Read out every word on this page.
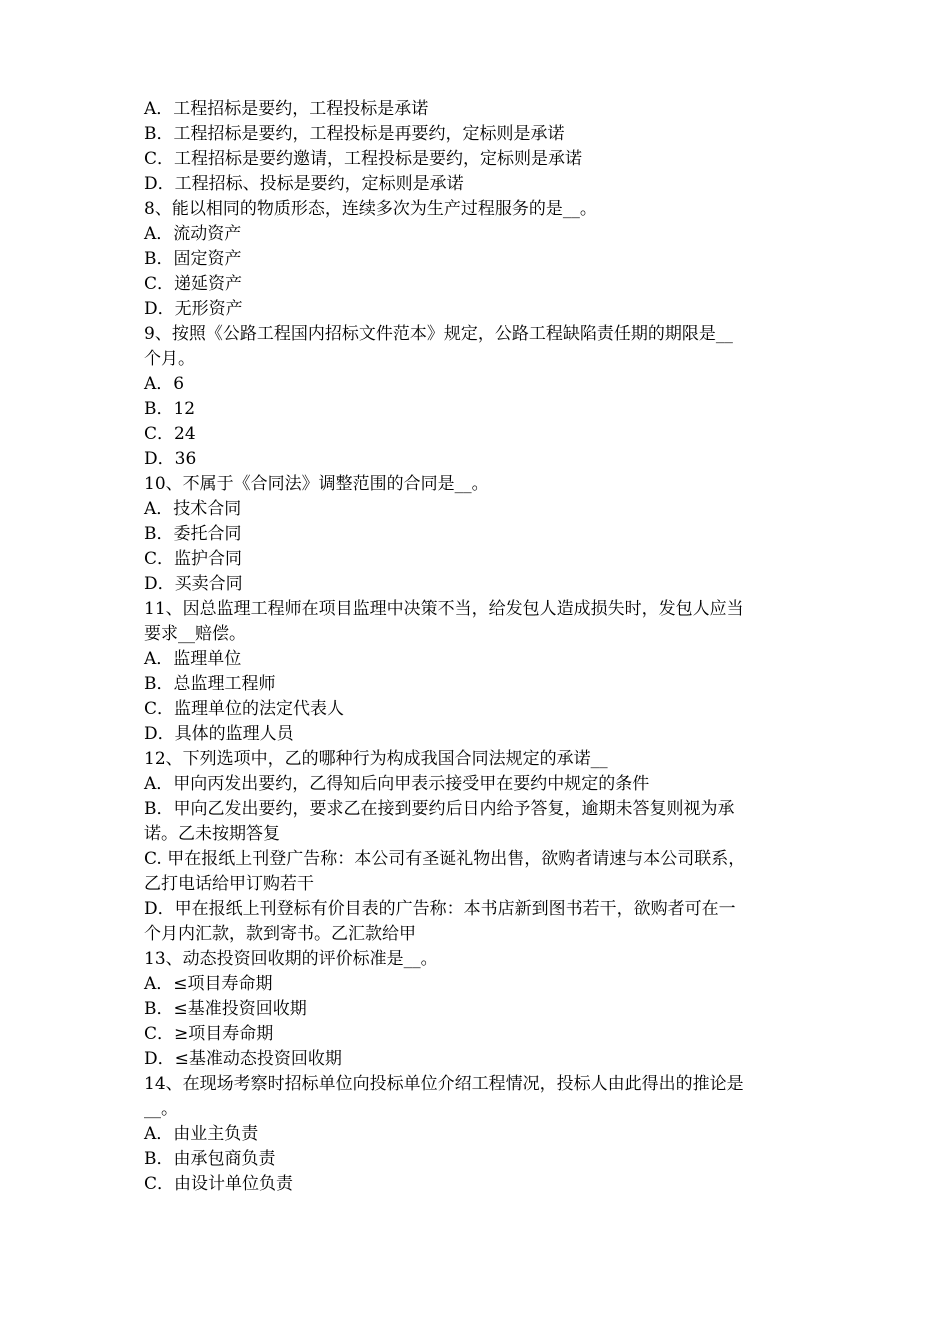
A．工程招标是要约，工程投标是承诺
B．工程招标是要约，工程投标是再要约，定标则是承诺
C．工程招标是要约邀请，工程投标是要约，定标则是承诺
D．工程招标、投标是要约，定标则是承诺
8、能以相同的物质形态，连续多次为生产过程服务的是__。
A．流动资产
B．固定资产
C．递延资产
D．无形资产
9、按照《公路工程国内招标文件范本》规定，公路工程缺陷责任期的期限是__
个月。
A．6
B．12
C．24
D．36
10、不属于《合同法》调整范围的合同是__。
A．技术合同
B．委托合同
C．监护合同
D．买卖合同
11、因总监理工程师在项目监理中决策不当，给发包人造成损失时，发包人应当
要求__赔偿。
A．监理单位
B．总监理工程师
C．监理单位的法定代表人
D．具体的监理人员
12、下列选项中，乙的哪种行为构成我国合同法规定的承诺__
A．甲向丙发出要约，乙得知后向甲表示接受甲在要约中规定的条件
B．甲向乙发出要约，要求乙在接到要约后日内给予答复，逾期未答复则视为承
诺。乙未按期答复
C. 甲在报纸上刊登广告称：本公司有圣诞礼物出售，欲购者请速与本公司联系，
乙打电话给甲订购若干
D．甲在报纸上刊登标有价目表的广告称：本书店新到图书若干，欲购者可在一
个月内汇款，款到寄书。乙汇款给甲
13、动态投资回收期的评价标准是__。
A．≤项目寿命期
B．≤基准投资回收期
C．≥项目寿命期
D．≤基准动态投资回收期
14、在现场考察时招标单位向投标单位介绍工程情况，投标人由此得出的推论是
__。
A．由业主负责
B．由承包商负责
C．由设计单位负责
